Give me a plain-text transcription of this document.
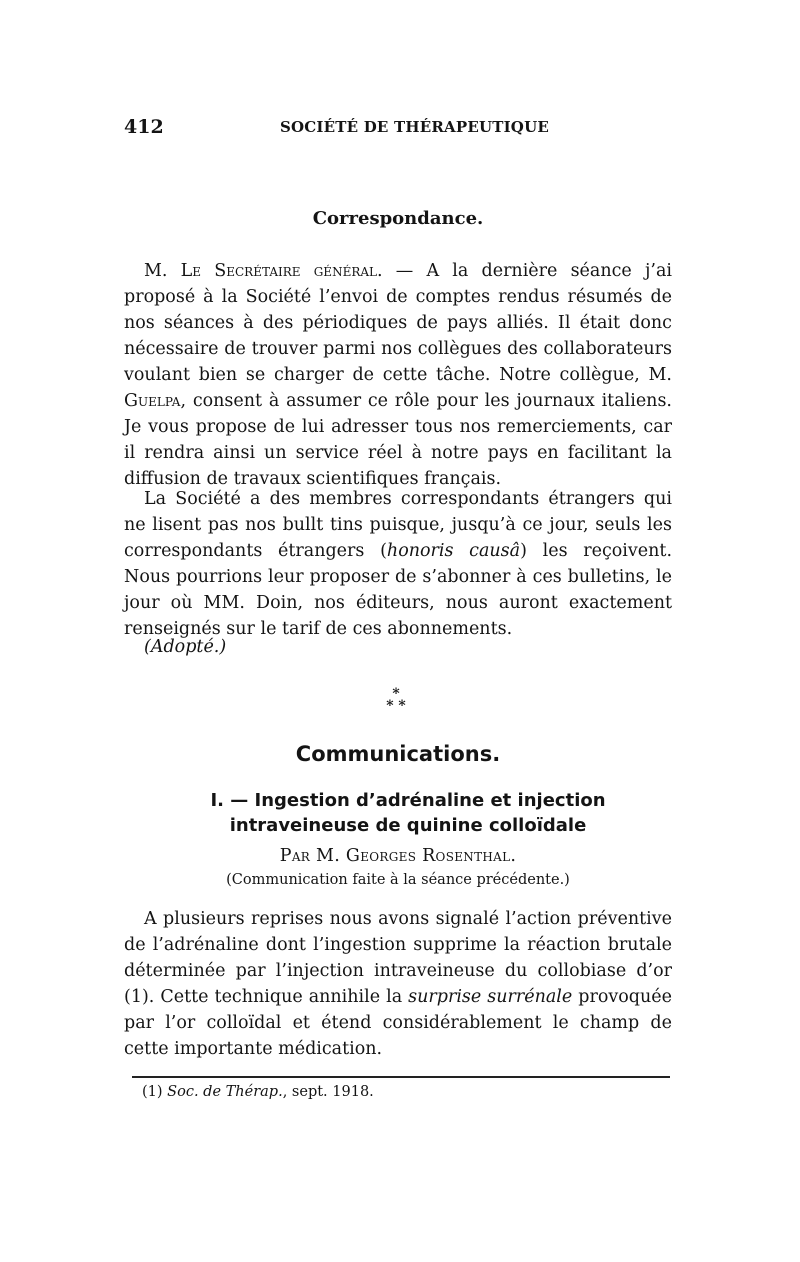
412	SOCIÉTÉ DE THÉRAPEUTIQUE
Correspondance.

M. Le Secrétaire général. — A la dernière séance j’ai proposé à la Société l’envoi de comptes rendus résumés de nos séances à des périodiques de pays alliés. Il était donc nécessaire de trouver parmi nos collègues des collaborateurs voulant bien se charger de cette tâche. Notre collègue, M. Guelpa, consent à assumer ce rôle pour les journaux italiens. Je vous propose de lui adresser tous nos remerciements, car il rendra ainsi un service réel à notre pays en facilitant la diffusion de travaux scientifiques français.

La Société a des membres correspondants étrangers qui ne lisent pas nos bullt tins puisque, jusqu’à ce jour, seuls les correspondants étrangers (honoris causâ) les reçoivent. Nous pourrions leur proposer de s’abonner à ces bulletins, le jour où MM. Doin, nos éditeurs, nous auront exactement renseignés sur le tarif de ces abonnements.

(Adopté.)

*
* *
Communications.
I. — Ingestion d’adrénaline et injection intraveineuse de quinine colloïdale
Par M. Georges Rosenthal.
(Communication faite à la séance précédente.)

A plusieurs reprises nous avons signalé l’action préventive de l’adrénaline dont l’ingestion supprime la réaction brutale déterminée par l’injection intraveineuse du collobiase d’or (1). Cette technique annihile la surprise surrénale provoquée par l’or colloïdal et étend considérablement le champ de cette importante médication.

(1) Soc. de Thérap., sept. 1918.
